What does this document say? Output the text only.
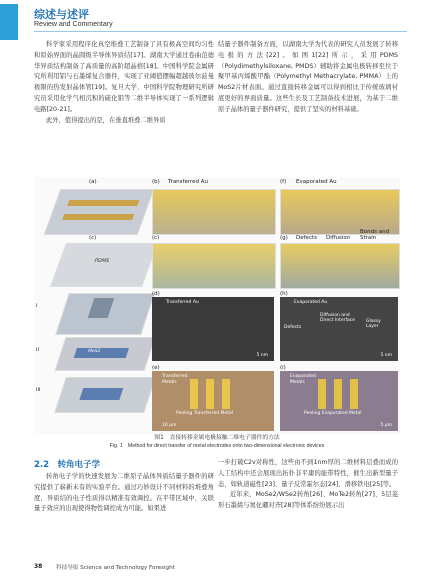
综述与述评
Review and Commentary

科学家采用程序化真空堆叠工艺制备了具有极高空间均匀性和原始界面的晶圆级半导体异质结[17]。湖南大学通过卷曲范德华异质结构制备了高质量的高阶超晶格[18]。中国科学院金属研究所利用铝与石墨烯复合器件，实现了亚阈值摆幅超越玻尔兹曼极限的热发射晶体管[19]。复旦大学、中国科学院物理研究所研究员采用化学气相沉积的硫化钼等二维半导体实现了一系列逻辑电路[20-21]。

此外，值得提出的是，在垂直堆叠二维异质

结量子器件制备方面，以湖南大学为代表的研究人员发展了转移电极的方法[22]。如图1[22]所示，采用PDMS（Polydimethylsiloxane, PMDS）辅助将金属电极转移至位于聚甲基丙烯酸甲酯（Polymethyl Methacrylate, PMMA）上的MoS2片材表面。通过直接转移金属可以得到相比于传统玻璃衬底更好的界面质量。这些生长及工艺制备技术进展，为基于二维原子晶体的量子器件研究，提供了坚实的材料基础。

(a)
(c)
PDMS
i
ii
iii
MoS2
(b) Transferred Au
(c)
(d)
Transferred Au
5 nm
(e)
Transferred
Metals
Peeling Transferred Metal
10 μm
(f) Evaporated Au
(g) Defects Diffusion
Bonds and Strain
(h)
Evaporated Au
Defects
Diffusion and Direct Interface	Glassy Layer
5 nm
(i)
Evaporated
Metals
Peeling Evaporated Metal
5 μm
图1　直接转移金属电极接触二维电子器件的方法
Fig. 1　Method for direct transfer of metal electrodes onto two-dimensional electronic devices
2.2　转角电子学

转角电子学的快速发展为二维原子晶体异质结量子器件的研究提供了崭新未有的实验平台。通过巧妙设计不同材料的堆叠角度，异质结的电子性质得以精准有效调控。在平带区域中，关联量子效应的出现使得物性调控成为可能。如果进

一步打破C2v对称性，这些由不到1nm厚的二维材料层叠而成的人工结构中还会展现出拓扑非平庸的能带特性，催生出新型量子态，如轨道磁性[23]、量子反常霍尔态[24]、滑移铁电[25]等。

近年来，MoSe2/WSe2转角[26]、MoTe2转角[27]、5层菱形石墨烯与氮化硼对齐[28]等体系纷纷展示出

38 科技导报 Science and Technology Foresight
